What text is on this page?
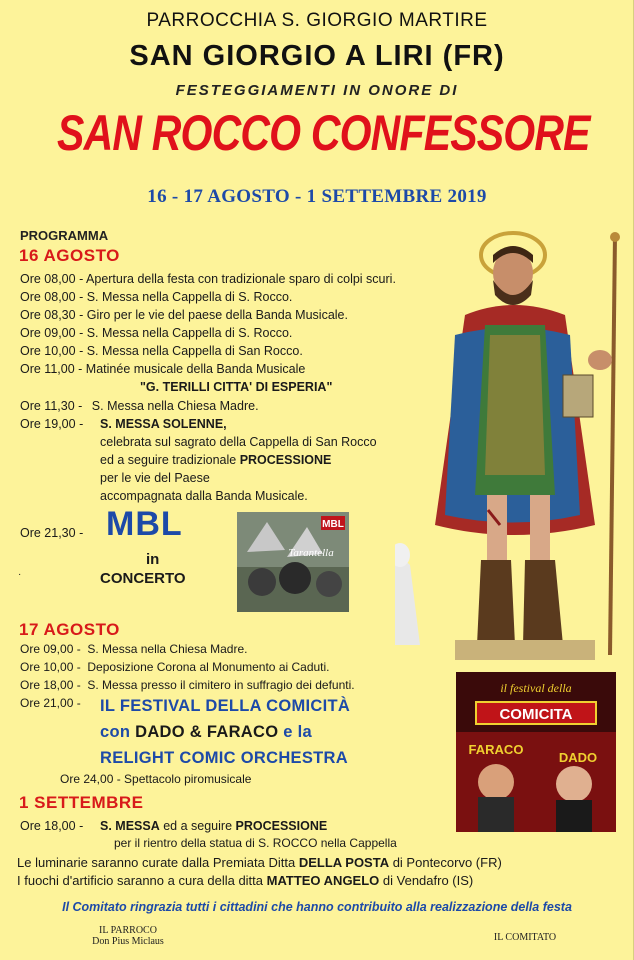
PARROCCHIA S. GIORGIO MARTIRE
SAN GIORGIO A LIRI (FR)
FESTEGGIAMENTI IN ONORE DI
SAN ROCCO CONFESSORE
16 - 17 AGOSTO - 1 SETTEMBRE 2019
PROGRAMMA
16 AGOSTO
Ore 08,00 - Apertura della festa con tradizionale sparo di colpi scuri.
Ore 08,00 - S. Messa nella Cappella di S. Rocco.
Ore 08,30 - Giro per le vie del paese della Banda Musicale.
Ore 09,00 - S. Messa nella Cappella di S. Rocco.
Ore 10,00 - S. Messa nella Cappella di San Rocco.
Ore 11,00 - Matinée musicale della Banda Musicale
"G. TERILLI CITTA' DI ESPERIA"
Ore 11,30 - S. Messa nella Chiesa Madre.
Ore 19,00 - S. MESSA SOLENNE,
celebrata sul sagrato della Cappella di San Rocco
ed a seguire tradizionale PROCESSIONE
per le vie del Paese
accompagnata dalla Banda Musicale.
Ore 21,30 - MBL
in
CONCERTO
·
MBL
Tarantella
17 AGOSTO
Ore 09,00 - S. Messa nella Chiesa Madre.
Ore 10,00 - Deposizione Corona al Monumento ai Caduti.
Ore 18,00 - S. Messa presso il cimitero in suffragio dei defunti.
Ore 21,00 -	IL FESTIVAL DELLA COMICITÀ
con DADO & FARACO e la
RELIGHT COMIC ORCHESTRA
Ore 24,00 - Spettacolo piromusicale
il festival della
COMICITA
FARACO
DADO
1 SETTEMBRE
Ore 18,00 - S. MESSA ed a seguire PROCESSIONE
per il rientro della statua di S. ROCCO nella Cappella
Le luminarie saranno curate dalla Premiata Ditta DELLA POSTA di Pontecorvo (FR)
I fuochi d'artificio saranno a cura della ditta MATTEO ANGELO di Vendafro (IS)
Il Comitato ringrazia tutti i cittadini che hanno contribuito alla realizzazione della festa
IL PARROCO
Don Pius Miclaus	IL COMITATO
